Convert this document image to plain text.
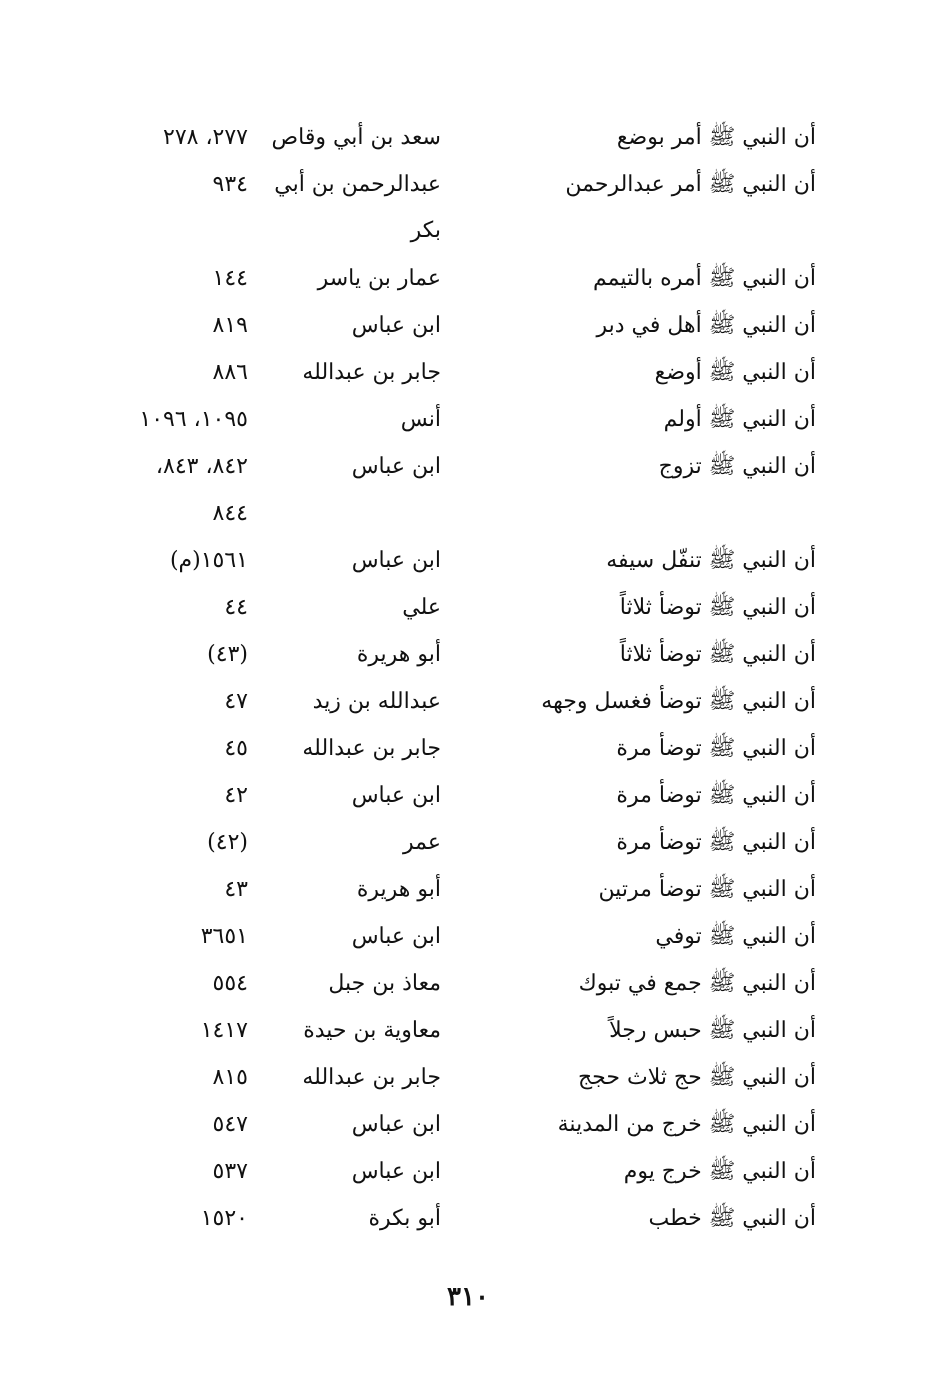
أن النبي ﷺ أمر بوضع
سعد بن أبي وقاص
٢٧٧، ٢٧٨
أن النبي ﷺ أمر عبدالرحمن
عبدالرحمن بن أبي بكر
٩٣٤
أن النبي ﷺ أمره بالتيمم
عمار بن ياسر
١٤٤
أن النبي ﷺ أهل في دبر
ابن عباس
٨١٩
أن النبي ﷺ أوضع
جابر بن عبدالله
٨٨٦
أن النبي ﷺ أولم
أنس
١٠٩٥، ١٠٩٦
أن النبي ﷺ تزوج
ابن عباس
٨٤٢، ٨٤٣،
٨٤٤
أن النبي ﷺ تنفّل سيفه
ابن عباس
١٥٦١(م)
أن النبي ﷺ توضأ ثلاثاً
علي
٤٤
أن النبي ﷺ توضأ ثلاثاً
أبو هريرة
(٤٣)
أن النبي ﷺ توضأ فغسل وجهه
عبدالله بن زيد
٤٧
أن النبي ﷺ توضأ مرة
جابر بن عبدالله
٤٥
أن النبي ﷺ توضأ مرة
ابن عباس
٤٢
أن النبي ﷺ توضأ مرة
عمر
(٤٢)
أن النبي ﷺ توضأ مرتين
أبو هريرة
٤٣
أن النبي ﷺ توفي
ابن عباس
٣٦٥١
أن النبي ﷺ جمع في تبوك
معاذ بن جبل
٥٥٤
أن النبي ﷺ حبس رجلاً
معاوية بن حيدة
١٤١٧
أن النبي ﷺ حج ثلاث حجج
جابر بن عبدالله
٨١٥
أن النبي ﷺ خرج من المدينة
ابن عباس
٥٤٧
أن النبي ﷺ خرج يوم
ابن عباس
٥٣٧
أن النبي ﷺ خطب
أبو بكرة
١٥٢٠
٣١٠
